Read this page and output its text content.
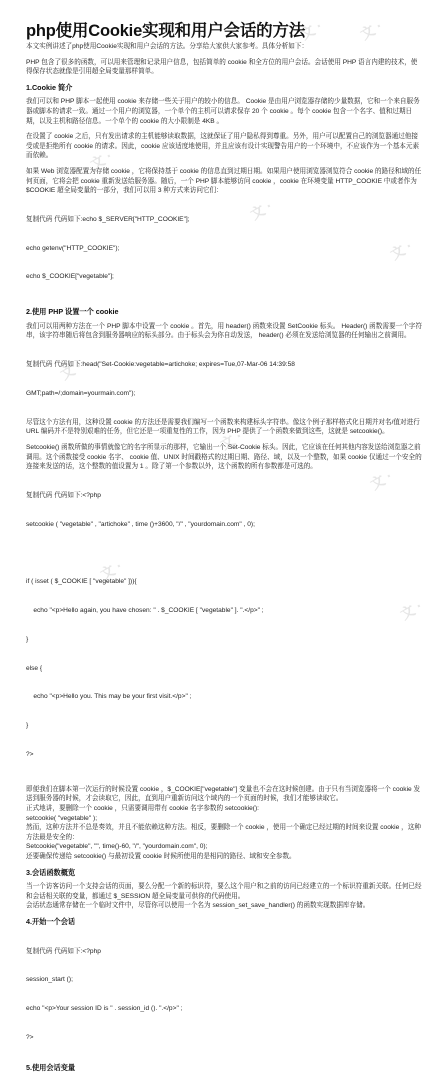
文 · 文 ·
文 ·
文 ·
文 ·
文 ·
文 ·
文 ·
文 ·
文 ·
php使用Cookie实现和用户会话的方法

本文实例讲述了php使用Cookie实现和用户会话的方法。分享给大家供大家参考。具体分析如下：

PHP 包含了很多的函数，可以用来管理和记录用户信息，包括简单的 cookie 和全方位的用户会话。会话使用 PHP 语言内建的技术，使得保存状态就像是引用超全局变量那样简单。

1.Cookie 简介

我们可以和 PHP 脚本一起使用 cookie 来存储一些关于用户的较小的信息。 Cookie 是由用户浏览器存储的少量数据，它和一个来自服务器或脚本的请求一致。通过一个用户的浏览器，一个单个的主机可以请求保存 20 个 cookie 。每个 cookie 包含一个名字、值和过期日期，以及主机和路径信息。一个单个的 cookie 的大小限制是 4KB 。

在设置了 cookie 之后，只有发出请求的主机能够读取数据，这就保证了用户隐私得到尊重。另外，用户可以配置自己的浏览器通过他接受或是拒绝所有 cookie 的请求。因此，cookie 应该适度地使用，并且应该有设计实现警告用户的一个环境中，不应该作为一个基本元素而依赖。

如果 Web 浏览器配置为存储 cookie ，它将保持基于 cookie 的信息直到过期日期。如果用户使用浏览器浏览符合 cookie 的路径和域的任何页面，它将会把 cookie 重新发送给服务器。随后，一个 PHP 脚本能够访问 cookie ，cookie 在环境变量 HTTP_COOKIE 中或者作为 $COOKIE 超全局变量的一部分，我们可以用 3 种方式来访问它们：

复制代码 代码如下:echo $_SERVER["HTTP_COOKIE"];

echo getenv("HTTP_COOKIE");

echo $_COOKIE["vegetable"];

2.使用 PHP 设置一个 cookie

我们可以用两种方法在一个 PHP 脚本中设置一个 cookie 。首先，用 header() 函数来设置 SetCookie 标头。 Header() 函数需要一个字符串，该字符串随后将包含到服务器响应的标头部分。由于标头会为你自动发送， header() 必须在发送给浏览器的任何输出之前调用。

复制代码 代码如下:head("Set-Cookie:vegetable=artichoke; expires=Tue,07-Mar-06 14:39:58

GMT;path=/;domain=yourmain.com");

尽管这个方法有用，这种设置 cookie 的方法还是需要我们编写一个函数来构建标头字符串。像这个例子那样格式化日期并对名/值对进行 URL 编码并不是特别艰难的任务，但它还是一项重复性的工作，因为 PHP 提供了一个函数来做到这些，这就是 setcookie()。

Setcookie() 函数所做的事情就像它的名字所显示的那样，它输出一个 Set-Cookie 标头。因此，它应该在任何其他内容发送给浏览器之前调用。这个函数接受 cookie 名字、 cookie 值、UNIX 时间戳格式的过期日期、路径、域，以及一个整数，如果 cookie 仅通过一个安全的连接来发送的话，这个整数的值设置为 1 。除了第一个参数以外，这个函数的所有参数都是可选的。

复制代码 代码如下:<?php

setcookie ( "vegetable" , "artichoke" , time ()+3600, "/" , "yourdomain.com" , 0);

if ( isset ( $_COOKIE [ "vegetable" ])){

echo "<p>Hello again, you have chosen: " . $_COOKIE [ "vegetable" ]. ".</p>" ;

}

else {

echo "<p>Hello you. This may be your first visit.</p>" ;

}

?>

即便我们在脚本第一次运行的时候设置 cookie ，$_COOKIE["vegetable"] 变量也不会在这时候创建。由于只有当浏览器将一个 cookie 发送到服务器的时候，才会读取它，因此，直到用户重新访问这个域内的一个页面的时候，我们才能够读取它。
正式地讲，要删除一个 cookie ，只需要调用带有 cookie 名字参数的 setcookie():
setcookie( "vegetable" );
然而，这种方法并不总是奏效，并且不能依赖这种方法。相反，要删除一个 cookie ，使用一个确定已经过期的时间来设置 cookie ，这种方法最是安全的：
Setcookie("vegetable", "", time()-60, "/", "yourdomain.com", 0);
还要确保传递给 setcookie() 与最初设置 cookie 时候所使用的是相同的路径、域和安全参数。
3.会话函数概览
当一个访客访问一个支持会话的页面，要么分配一个新的标识符，要么这个用户和之前的访问已经建立的一个标识符重新关联。任何已经和会话相关联的变量，都通过 $_SESSION 超全局变量可供你的代码使用。
会话状态通常存储在一个临时文件中，尽管你可以使用一个名为 session_set_save_handler() 的函数实现数据库存储。
4.开始一个会话

复制代码 代码如下:<?php

session_start ();

echo "<p>Your session ID is " . session_id (). ".</p>" ;

?>

5.使用会话变量
